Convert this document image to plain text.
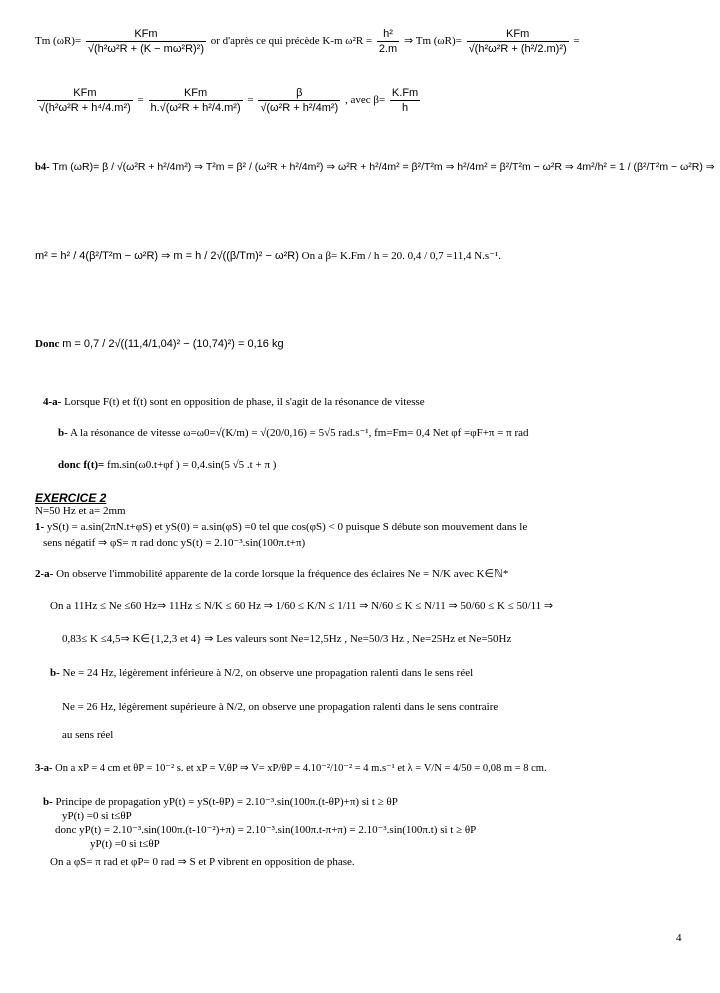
Tm $(\omega R)= \frac{\text{KFm}}{\text{√(h²ω²R + (K − mω²R)²)}}$ or d'après ce qui précède K-m $\omega^2R = \frac{\text{h²}}{2.m}$ ⇒ Tm $(\omega R)= \frac{\text{KFm}}{\text{√(h²ω²R + (h²/2.m)²)}}$ =
$\frac{\text{KFm}}{\text{√(h²ω²R + h⁴/4.m²)}} = \frac{\text{KFm}}{\text{h.√(ω²R + h²/4.m²)}} = \frac{\beta}{\text{√(ω²R + h²/4m²)}}$ , avec $\beta= \frac{K.Fm}{h}$
b4- Tm (ωR)= β / √(ω²R + h²/4m²) ⇒ T²m = β² / (ω²R + h²/4m²) ⇒ ω²R + h²/4m² = β²/T²m ⇒ h²/4m² = β²/T²m − ω²R ⇒ 4m²/h² = 1 / (β²/T²m − ω²R) ⇒
m² = h² / 4(β²/T²m − ω²R) ⇒ m = h / 2√((β/Tm)² − ω²R) On a β= K.Fm / h = 20. 0,4 / 0,7 =11,4 N.s⁻¹.
Donc m = 0,7 / 2√((11,4/1,04)² − (10,74)²) = 0,16 kg
4-a- Lorsque F(t) et f(t) sont en opposition de phase, il s'agit de la résonance de vitesse
b- A la résonance de vitesse ω=ω0=√(K/m) = √(20/0,16) = 5√5 rad.s⁻¹, fm=Fm= 0,4 Net φf =φF+π = π rad
donc f(t)= fm.sin(ω0.t+φf ) = 0,4.sin(5 √5 .t + π )
EXERCICE 2
N=50 Hz et a= 2mm
1- yS(t) = a.sin(2πN.t+φS) et yS(0) = a.sin(φS) =0 tel que cos(φS) < 0 puisque S débute son mouvement dans le
sens négatif ⇒ φS= π rad donc yS(t) = 2.10⁻³.sin(100π.t+π)
2-a- On observe l'immobilité apparente de la corde lorsque la fréquence des éclaires Ne = N/K avec K∈ℕ*
On a 11Hz ≤ Ne ≤60 Hz⇒ 11Hz ≤ N/K ≤ 60 Hz ⇒ 1/60 ≤ K/N ≤ 1/11 ⇒ N/60 ≤ K ≤ N/11 ⇒ 50/60 ≤ K ≤ 50/11 ⇒
0,83≤ K ≤4,5⇒ K∈{1,2,3 et 4} ⇒ Les valeurs sont Ne=12,5Hz , Ne=50/3 Hz , Ne=25Hz et Ne=50Hz
b- Ne = 24 Hz, légèrement inférieure à N/2, on observe une propagation ralenti dans le sens réel
Ne = 26 Hz, légèrement supérieure à N/2, on observe une propagation ralenti dans le sens contraire
au sens réel
3-a- On a xP = 4 cm et θP = 10⁻² s. et xP = V.θP ⇒ V= xP/θP = 4.10⁻²/10⁻² = 4 m.s⁻¹ et λ = V/N = 4/50 = 0,08 m = 8 cm.
b- Principe de propagation yP(t) = yS(t-θP) = 2.10⁻³.sin(100π.(t-θP)+π) si t ≥ θP
yP(t) =0 si t≤θP
donc yP(t) = 2.10⁻³.sin(100π.(t-10⁻²)+π) = 2.10⁻³.sin(100π.t-π+π) = 2.10⁻³.sin(100π.t) si t ≥ θP
yP(t) =0 si t≤θP
On a φS= π rad et φP= 0 rad ⇒ S et P vibrent en opposition de phase.
4
